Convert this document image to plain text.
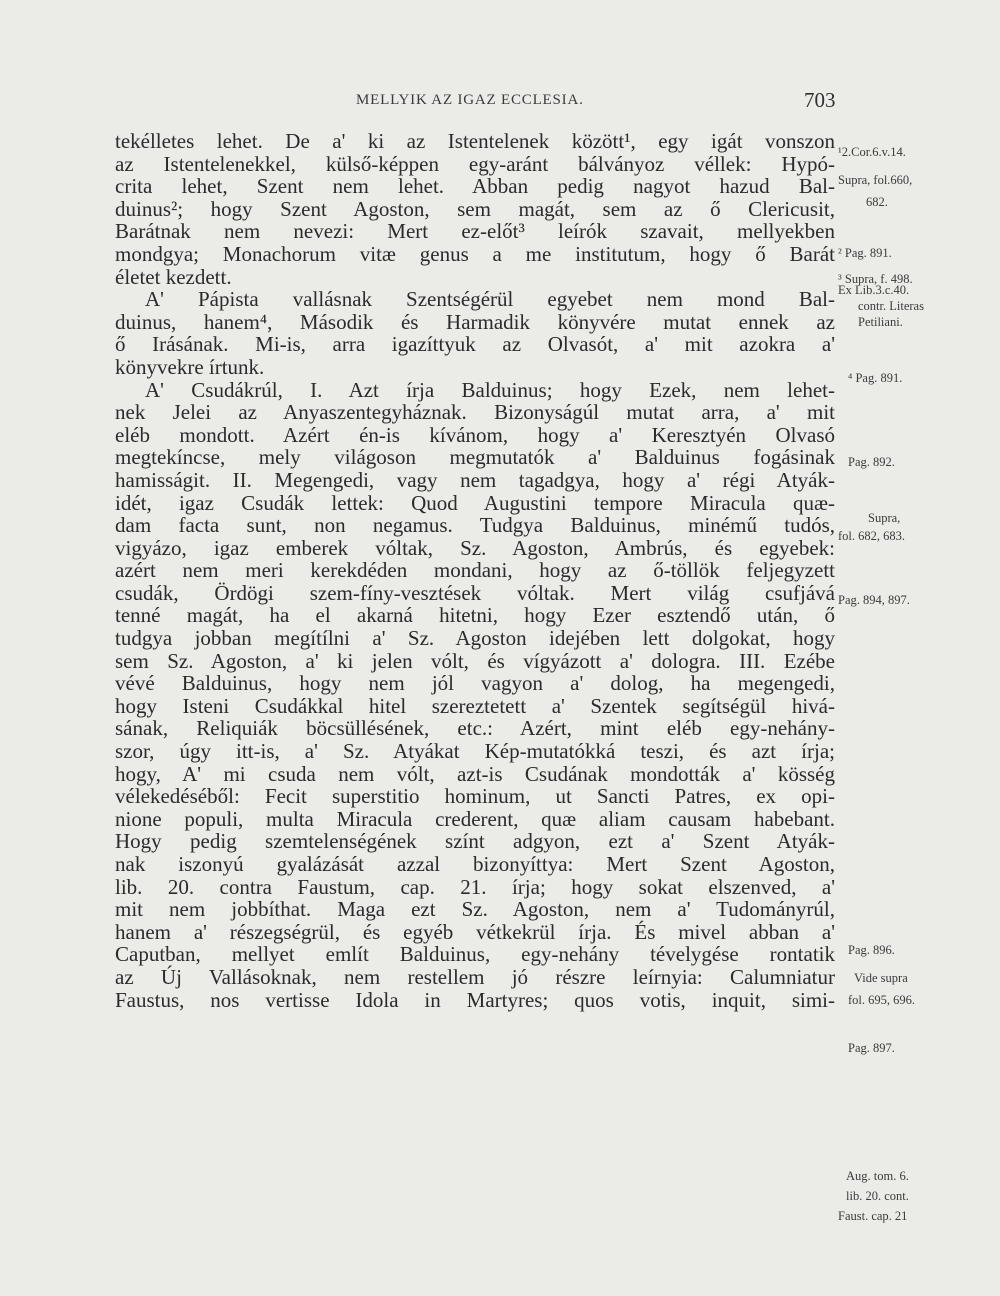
MELLYIK AZ IGAZ ECCLESIA.	703
tekélletes lehet. De a' ki az Istentelenek között¹, egy igát vonszon
az Istentelenekkel, külső-képpen egy-aránt bálványoz véllek: Hypó-
crita lehet, Szent nem lehet. Abban pedig nagyot hazud Bal-
duinus²; hogy Szent Agoston, sem magát, sem az ő Clericusit,
Barátnak nem nevezi: Mert ez-előt³ leírók szavait, mellyekben
mondgya; Monachorum vitæ genus a me institutum, hogy ő Barát
életet kezdett.
A' Pápista vallásnak Szentségérül egyebet nem mond Bal-
duinus, hanem⁴, Második és Harmadik könyvére mutat ennek az
ő Irásának. Mi-is, arra igazíttyuk az Olvasót, a' mit azokra a'
könyvekre írtunk.
A' Csudákrúl, I. Azt írja Balduinus; hogy Ezek, nem lehet-
nek Jelei az Anyaszentegyháznak. Bizonyságúl mutat arra, a' mit
eléb mondott. Azért én-is kívánom, hogy a' Keresztyén Olvasó
megtekíncse, mely világoson megmutatók a' Balduinus fogásinak
hamisságit. II. Megengedi, vagy nem tagadgya, hogy a' régi Atyák-
idét, igaz Csudák lettek: Quod Augustini tempore Miracula quæ-
dam facta sunt, non negamus. Tudgya Balduinus, minémű tudós,
vigyázo, igaz emberek vóltak, Sz. Agoston, Ambrús, és egyebek:
azért nem meri kerekdéden mondani, hogy az ő-töllök feljegyzett
csudák, Ördögi szem-fíny-vesztések vóltak. Mert világ csufjává
tenné magát, ha el akarná hitetni, hogy Ezer esztendő után, ő
tudgya jobban megítílni a' Sz. Agoston idejében lett dolgokat, hogy
sem Sz. Agoston, a' ki jelen vólt, és vígyázott a' dologra. III. Ezébe
vévé Balduinus, hogy nem jól vagyon a' dolog, ha megengedi,
hogy Isteni Csudákkal hitel szereztetett a' Szentek segítségül hivá-
sának, Reliquiák böcsüllésének, etc.: Azért, mint eléb egy-nehány-
szor, úgy itt-is, a' Sz. Atyákat Kép-mutatókká teszi, és azt írja;
hogy, A' mi csuda nem vólt, azt-is Csudának mondották a' kösség
vélekedéséből: Fecit superstitio hominum, ut Sancti Patres, ex opi-
nione populi, multa Miracula crederent, quæ aliam causam habebant.
Hogy pedig szemtelenségének színt adgyon, ezt a' Szent Atyák-
nak iszonyú gyalázását azzal bizonyíttya: Mert Szent Agoston,
lib. 20. contra Faustum, cap. 21. írja; hogy sokat elszenved, a'
mit nem jobbíthat. Maga ezt Sz. Agoston, nem a' Tudományrúl,
hanem a' részegségrül, és egyéb vétkekrül írja. És mivel abban a'
Caputban, mellyet említ Balduinus, egy-nehány tévelygése rontatik
az Új Vallásoknak, nem restellem jó részre leírnyia: Calumniatur
Faustus, nos vertisse Idola in Martyres; quos votis, inquit, simi-
¹2.Cor.6.v.14.
Supra, fol.660,
682.
² Pag. 891.
³ Supra, f. 498.
Ex Lib.3.c.40.
contr. Literas
Petiliani.
⁴ Pag. 891.
Pag. 892.
Supra,
fol. 682, 683.
Pag. 894, 897.
Pag. 896.
Vide supra
fol. 695, 696.
Pag. 897.
Aug. tom. 6.
lib. 20. cont.
Faust. cap. 21
